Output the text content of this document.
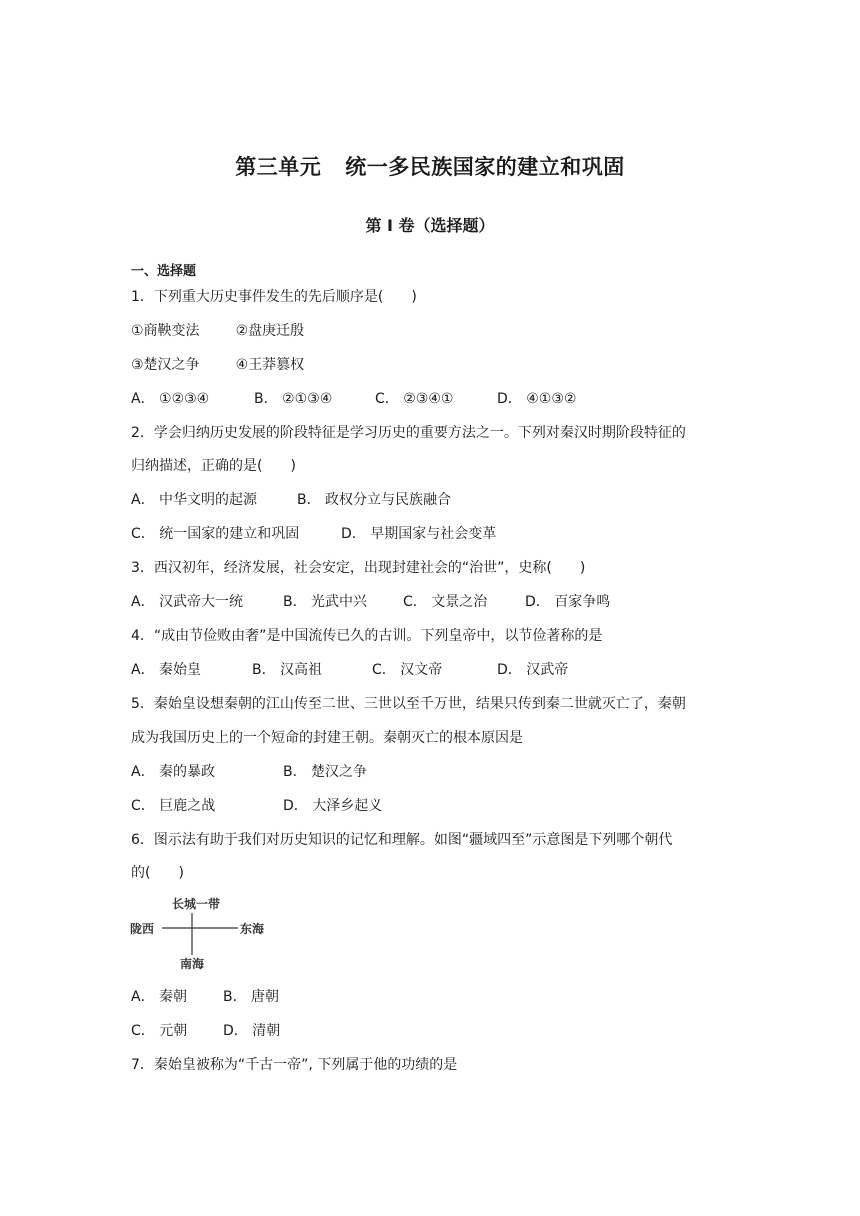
第三单元 统一多民族国家的建立和巩固
第 I 卷（选择题）
一、选择题
1．下列重大历史事件发生的先后顺序是(　　)
①商鞅变法	②盘庚迁殷
③楚汉之争	④王莽篡权
A． ①②③④	B． ②①③④	C． ②③④①	D． ④①③②
2．学会归纳历史发展的阶段特征是学习历史的重要方法之一。下列对秦汉时期阶段特征的
归纳描述，正确的是(　　)
A． 中华文明的起源	B． 政权分立与民族融合
C． 统一国家的建立和巩固	D． 早期国家与社会变革
3．西汉初年，经济发展，社会安定，出现封建社会的“治世”，史称(　　)
A． 汉武帝大一统	B． 光武中兴	C． 文景之治	D． 百家争鸣
4．“成由节俭败由奢”是中国流传已久的古训。下列皇帝中，以节俭著称的是
A． 秦始皇	B． 汉高祖	C． 汉文帝	D． 汉武帝
5．秦始皇设想秦朝的江山传至二世、三世以至千万世，结果只传到秦二世就灭亡了，秦朝
成为我国历史上的一个短命的封建王朝。秦朝灭亡的根本原因是
A． 秦的暴政	B． 楚汉之争
C． 巨鹿之战	D． 大泽乡起义
6．图示法有助于我们对历史知识的记忆和理解。如图“疆域四至”示意图是下列哪个朝代
的(　　)
长城一带
陇西	东海
南海
A． 秦朝	B． 唐朝
C． 元朝	D． 清朝
7．秦始皇被称为“千古一帝”, 下列属于他的功绩的是
